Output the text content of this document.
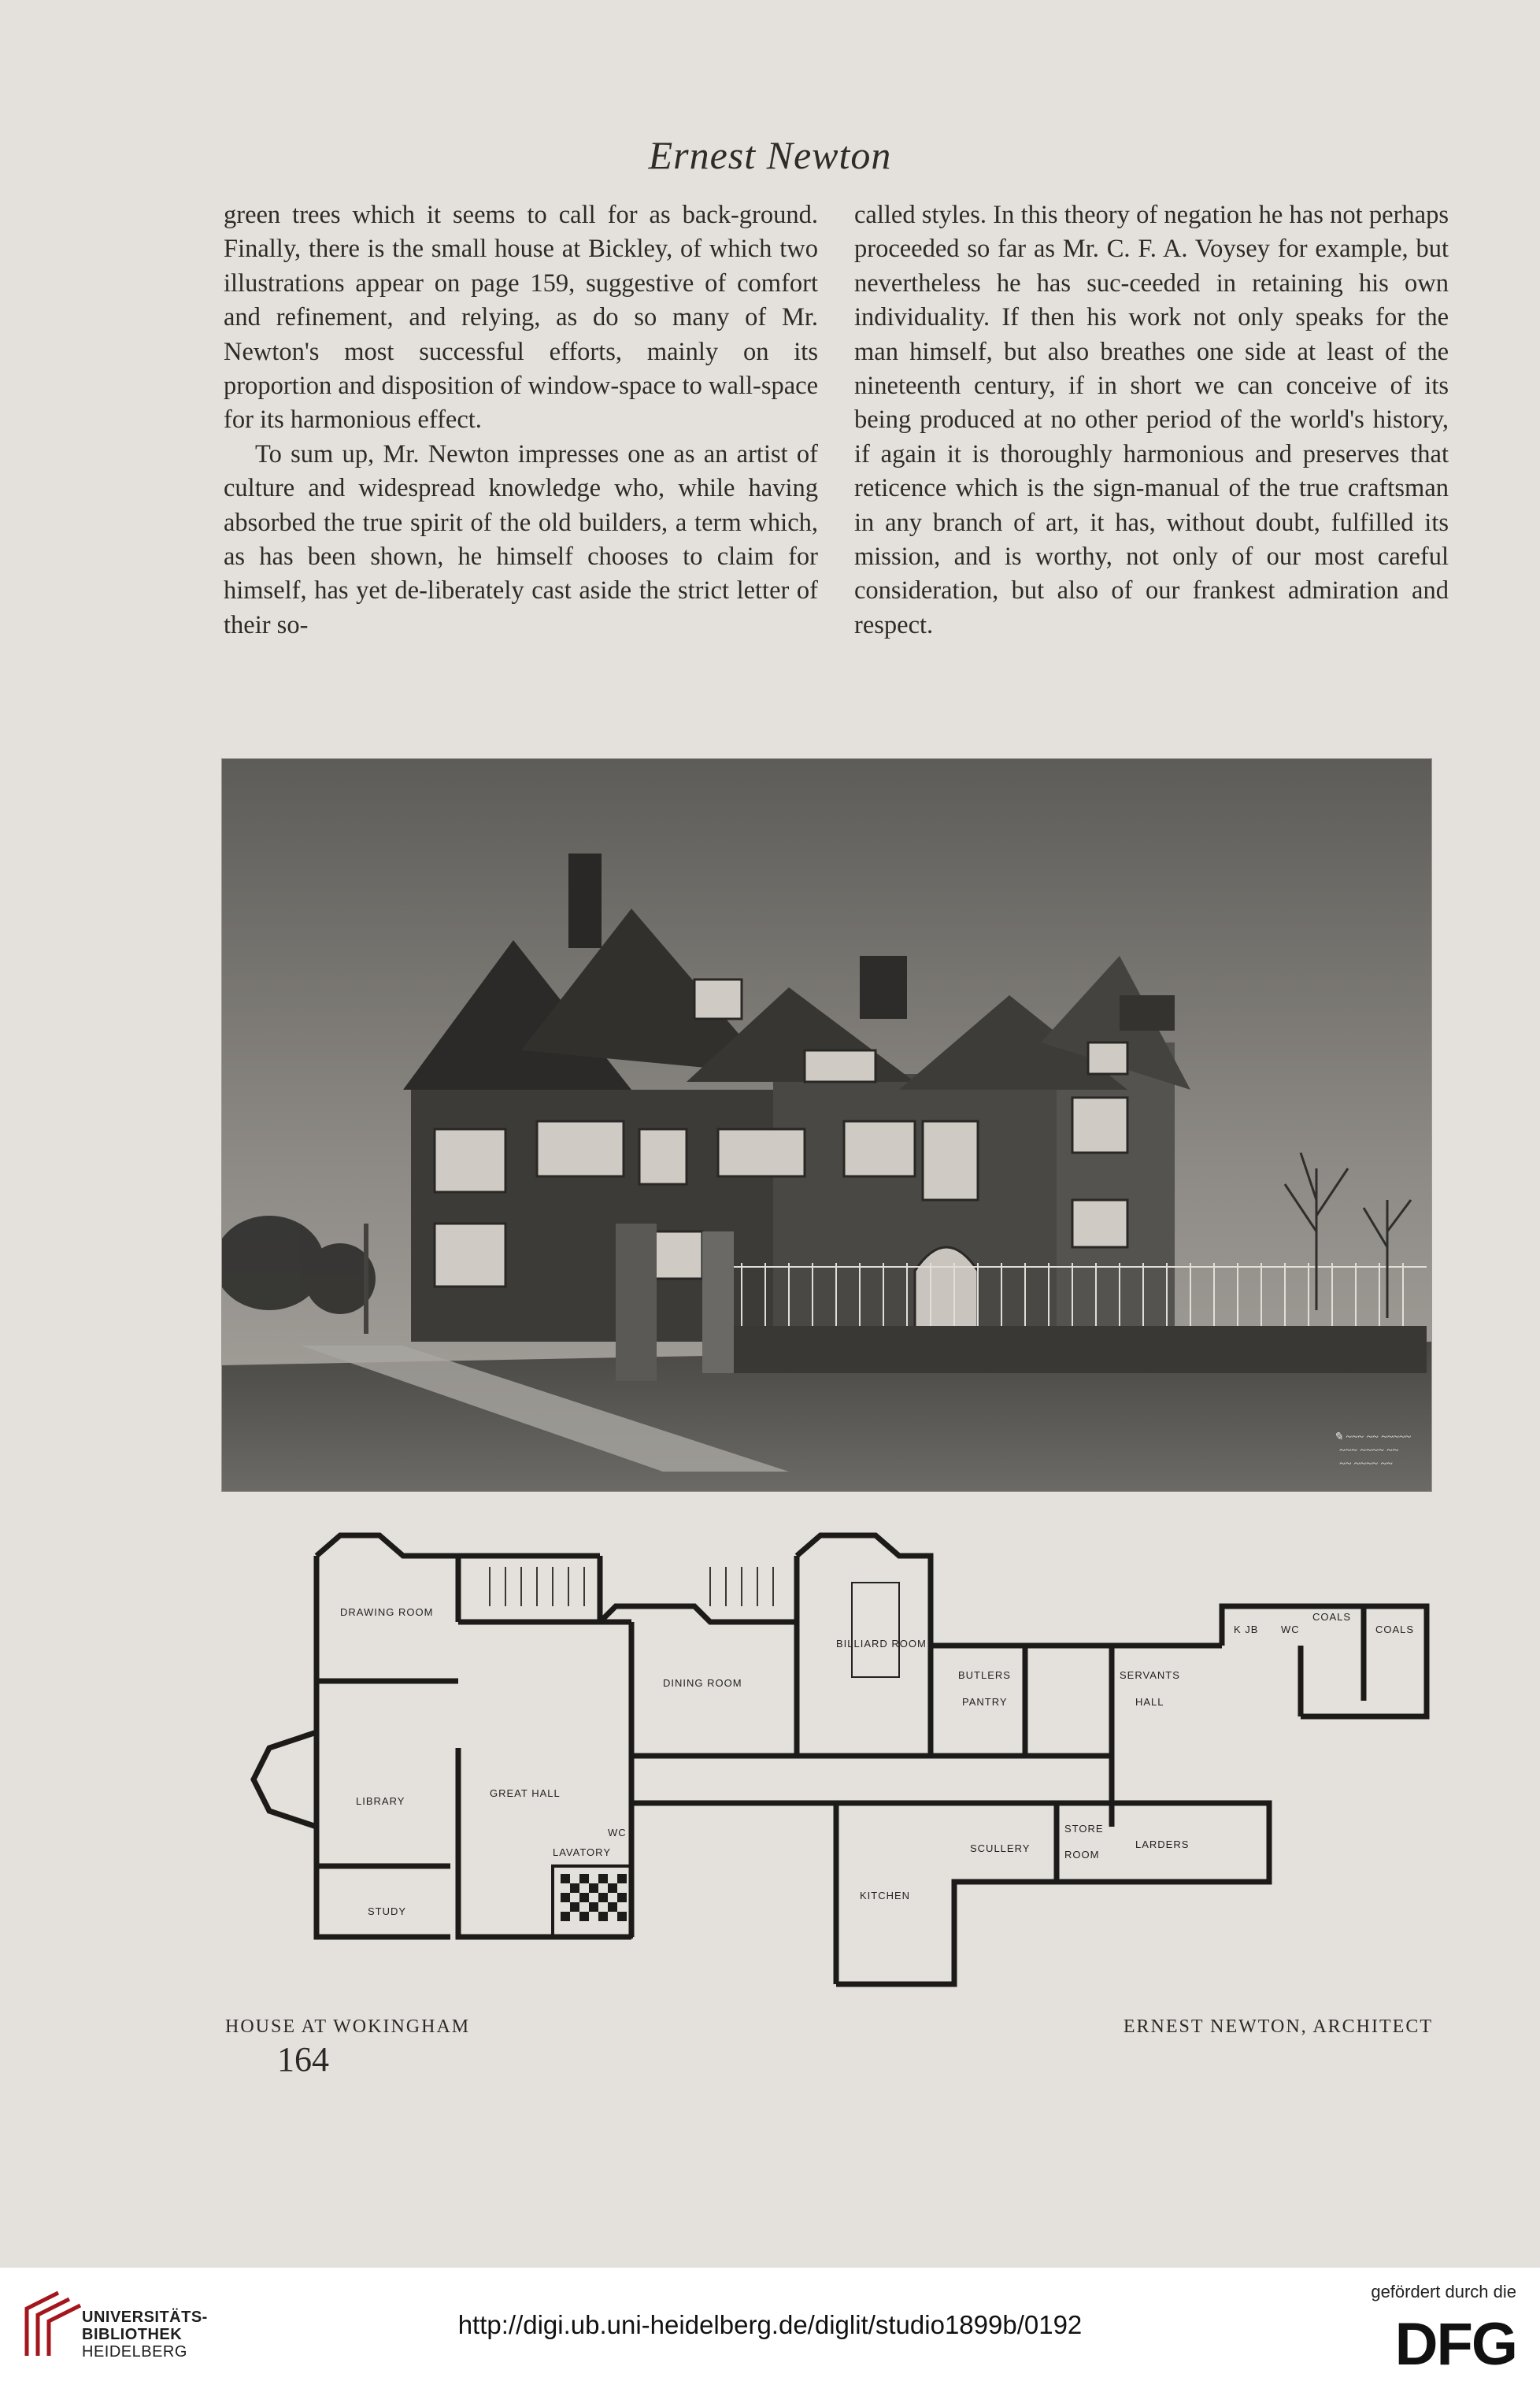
Ernest Newton

green trees which it seems to call for as back-ground. Finally, there is the small house at Bickley, of which two illustrations appear on page 159, suggestive of comfort and refinement, and relying, as do so many of Mr. Newton's most successful efforts, mainly on its proportion and disposition of window-space to wall-space for its harmonious effect.

To sum up, Mr. Newton impresses one as an artist of culture and widespread knowledge who, while having absorbed the true spirit of the old builders, a term which, as has been shown, he himself chooses to claim for himself, has yet de-liberately cast aside the strict letter of their so-

called styles. In this theory of negation he has not perhaps proceeded so far as Mr. C. F. A. Voysey for example, but nevertheless he has suc-ceeded in retaining his own individuality. If then his work not only speaks for the man himself, but also breathes one side at least of the nineteenth century, if in short we can conceive of its being produced at no other period of the world's history, if again it is thoroughly harmonious and preserves that reticence which is the sign-manual of the true craftsman in any branch of art, it has, without doubt, fulfilled its mission, and is worthy, not only of our most careful consideration, but also of our frankest admiration and respect.

✎ ~~~ ~~ ~~~~~
~~~ ~~~~ ~~
~~ ~~~~ ~~
DRAWING ROOM
DINING ROOM
BILLIARD ROOM
BUTLERS
PANTRY
SERVANTS
HALL
K JB WC
COALS
COALS
LIBRARY
GREAT HALL
LAVATORY
WC
SCULLERY
STORE
ROOM
LARDERS
KITCHEN
STUDY
HOUSE AT WOKINGHAM	ERNEST NEWTON, ARCHITECT
164
UNIVERSITÄTS-
BIBLIOTHEK
HEIDELBERG
http://digi.ub.uni-heidelberg.de/diglit/studio1899b/0192
gefördert durch die
DFG
